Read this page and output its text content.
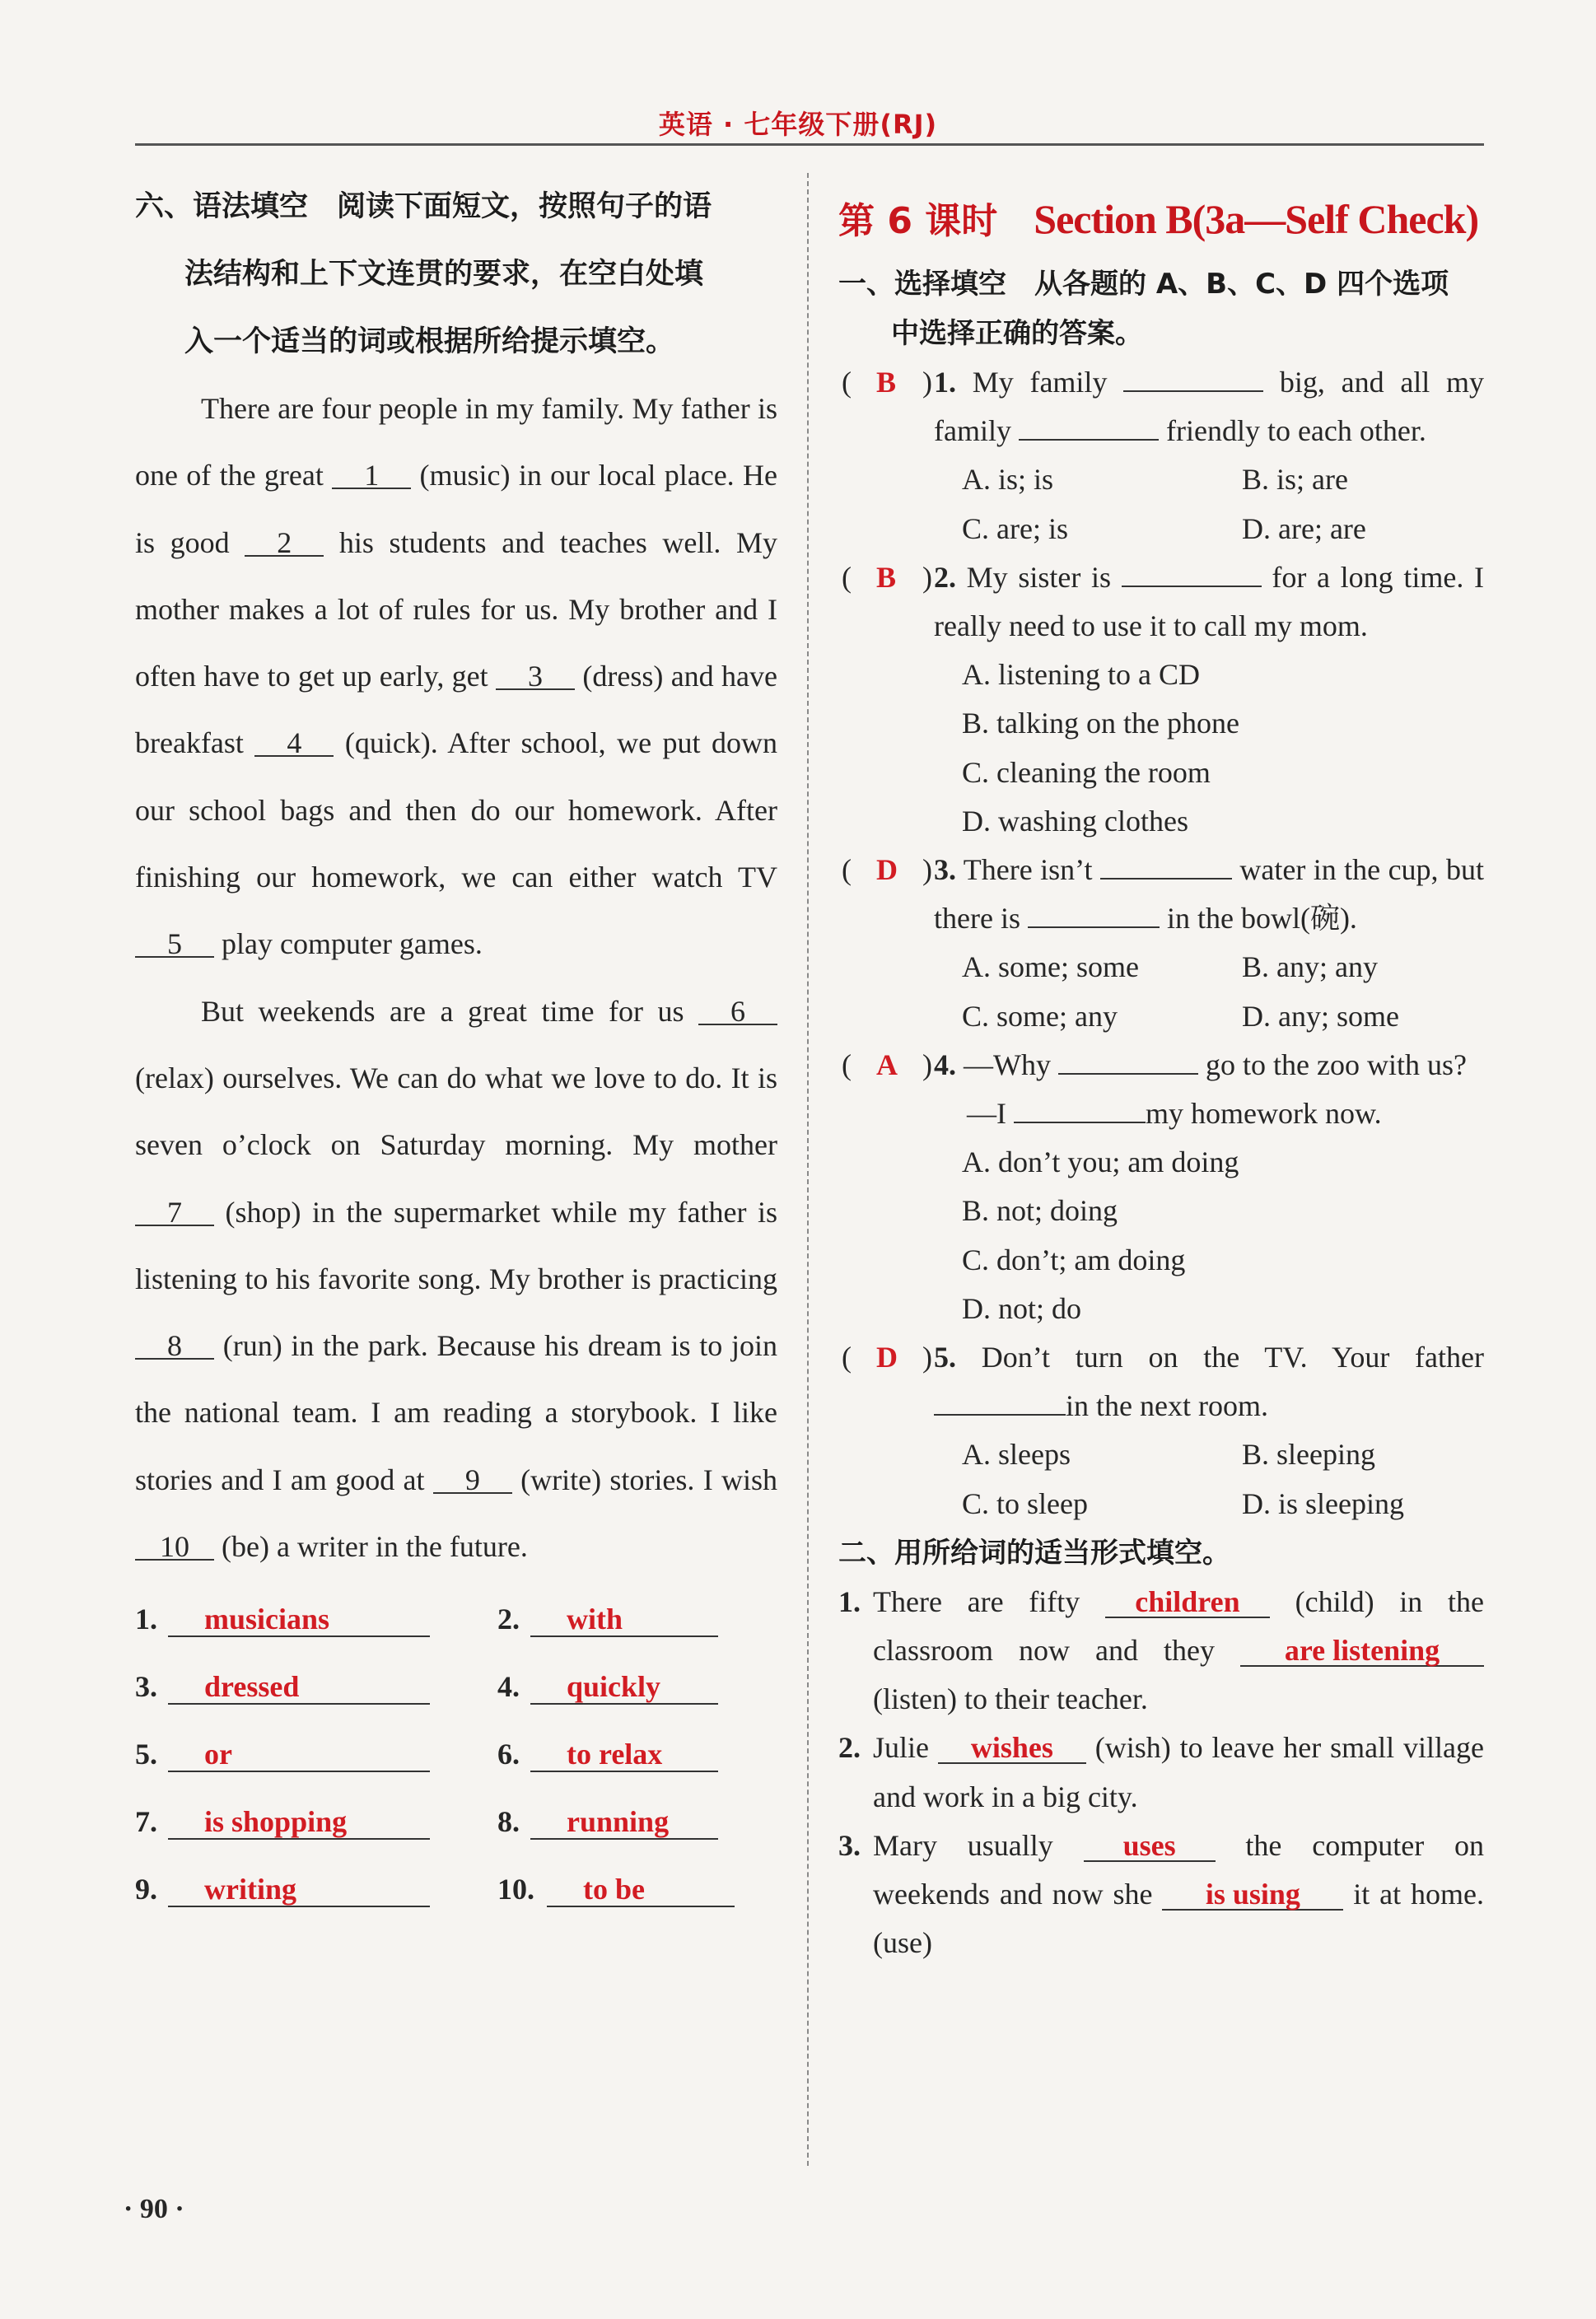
英语 · 七年级下册(RJ)
六、语法填空　阅读下面短文，按照句子的语
法结构和上下文连贯的要求，在空白处填
入一个适当的词或根据所给提示填空。

There are four people in my family. My father is one of the great 1 (music) in our local place. He is good 2 his students and teaches well. My mother makes a lot of rules for us. My brother and I often have to get up early, get 3 (dress) and have breakfast 4 (quick). After school, we put down our school bags and then do our homework. After finishing our homework, we can either watch TV 5 play computer games.

But weekends are a great time for us 6 (relax) ourselves. We can do what we love to do. It is seven o’clock on Saturday morning. My mother 7 (shop) in the supermarket while my father is listening to his favorite song. My brother is practicing 8 (run) in the park. Because his dream is to join the national team. I am reading a storybook. I like stories and I am good at 9 (write) stories. I wish 10 (be) a writer in the future.

1.	musicians	2.	with
3.	dressed	4.	quickly
5.	or	6.	to relax
7.	is shopping	8.	running
9.	writing	10.	to be
· 90 ·
第 6 课时 Section B(3a—Self Check)
一、选择填空　从各题的 A、B、C、D 四个选项
中选择正确的答案。
( B ) 1. My family	big, and all my family	friendly to each other.
A. is; is	B. is; are
C. are; is	D. are; are
( B ) 2. My sister is	for a long time. I really need to use it to call my mom.
A. listening to a CD
B. talking on the phone
C. cleaning the room
D. washing clothes
( D ) 3. There isn’t	water in the cup, but there is	in the bowl(碗).
A. some; some	B. any; any
C. some; any	D. any; some
( A ) 4. —Why	go to the zoo with us?
—I	my homework now.
A. don’t you; am doing
B. not; doing
C. don’t; am doing
D. not; do
( D ) 5. Don’t turn on the TV. Your father in the next room.
A. sleeps	B. sleeping
C. to sleep	D. is sleeping
二、用所给词的适当形式填空。
1. There are fifty children (child) in the classroom now and they are listening (listen) to their teacher.
2. Julie wishes (wish) to leave her small village and work in a big city.
3. Mary usually uses the computer on weekends and now she is using it at home. (use)
